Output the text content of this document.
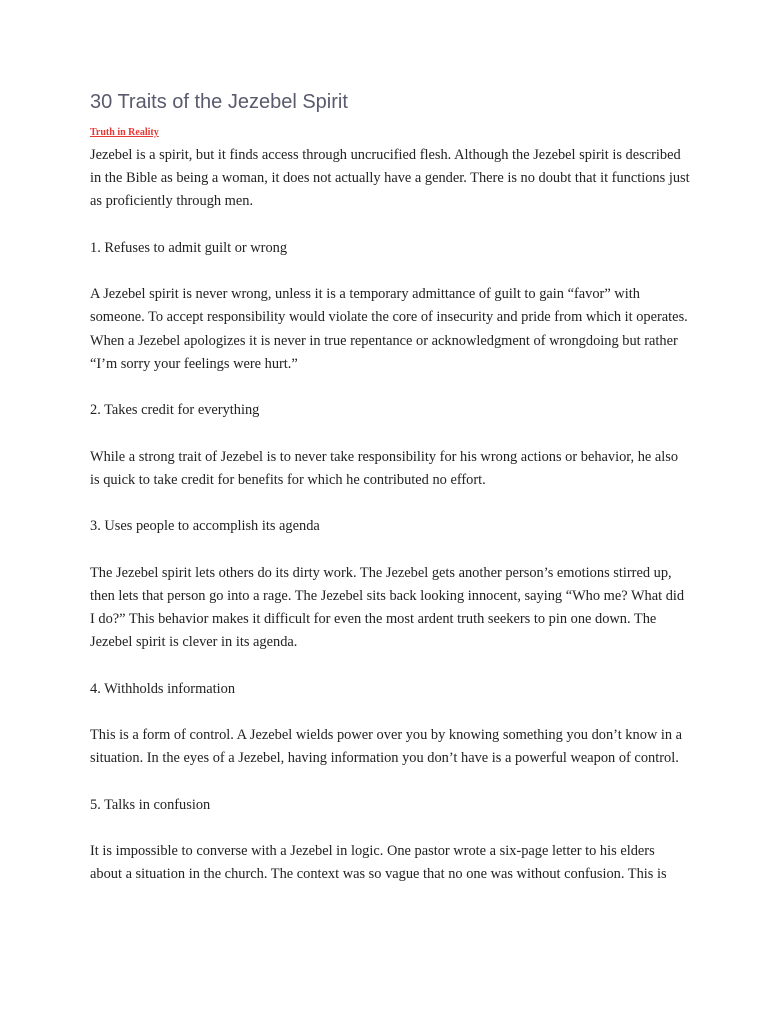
30 Traits of the Jezebel Spirit
Truth in Reality

Jezebel is a spirit, but it finds access through uncrucified flesh. Although the Jezebel spirit is described in the Bible as being a woman, it does not actually have a gender. There is no doubt that it functions just as proficiently through men.

1. Refuses to admit guilt or wrong

A Jezebel spirit is never wrong, unless it is a temporary admittance of guilt to gain “favor” with someone. To accept responsibility would violate the core of insecurity and pride from which it operates. When a Jezebel apologizes it is never in true repentance or acknowledgment of wrongdoing but rather “I’m sorry your feelings were hurt.”

2. Takes credit for everything

While a strong trait of Jezebel is to never take responsibility for his wrong actions or behavior, he also is quick to take credit for benefits for which he contributed no effort.

3. Uses people to accomplish its agenda

The Jezebel spirit lets others do its dirty work. The Jezebel gets another person’s emotions stirred up, then lets that person go into a rage. The Jezebel sits back looking innocent, saying “Who me? What did I do?” This behavior makes it difficult for even the most ardent truth seekers to pin one down. The Jezebel spirit is clever in its agenda.

4. Withholds information

This is a form of control. A Jezebel wields power over you by knowing something you don’t know in a situation. In the eyes of a Jezebel, having information you don’t have is a powerful weapon of control.

5. Talks in confusion

It is impossible to converse with a Jezebel in logic. One pastor wrote a six-page letter to his elders about a situation in the church. The context was so vague that no one was without confusion. This is
